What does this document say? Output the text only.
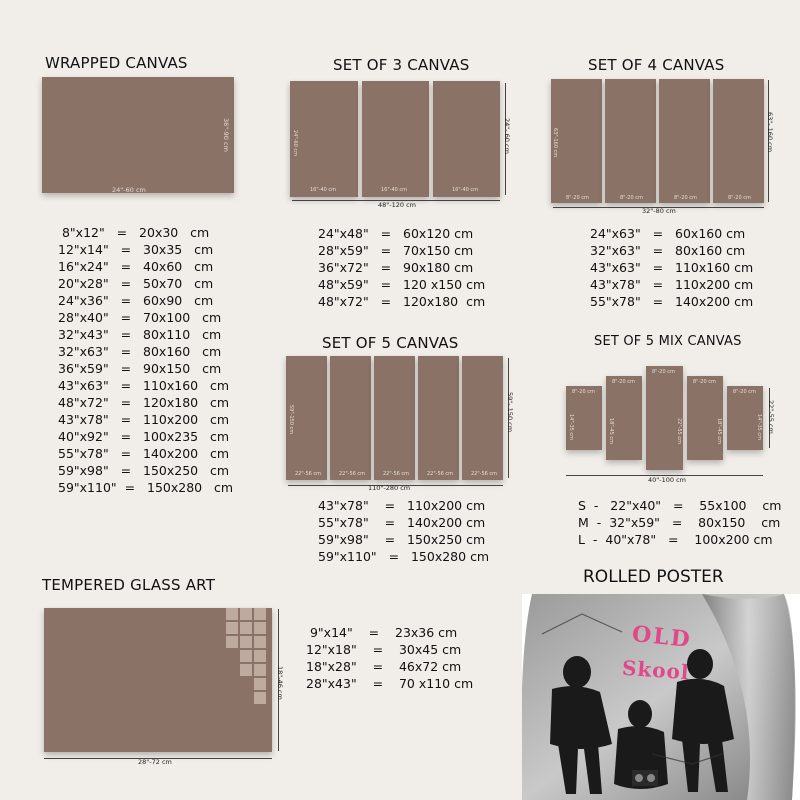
WRAPPED CANVAS
24"-60 cm
36"-90 cm
8"x12"   =   20x30   cm
12"x14"   =   30x35   cm
16"x24"   =   40x60   cm
20"x28"   =   50x70   cm
24"x36"   =   60x90   cm
28"x40"   =   70x100   cm
32"x43"   =   80x110   cm
32"x63"   =   80x160   cm
36"x59"   =   90x150   cm
43"x63"   =   110x160   cm
48"x72"   =   120x180   cm
43"x78"   =   110x200   cm
40"x92"   =   100x235   cm
55"x78"   =   140x200   cm
59"x98"   =   150x250   cm
59"x110"  =   150x280   cm
SET OF 3 CANVAS
24"-60 cm
16"-40 cm	16"-40 cm	16"-40 cm
48"-120 cm
24"- 60 cm
24"x48"   =   60x120 cm
28"x59"   =   70x150 cm
36"x72"   =   90x180 cm
48"x59"   =   120 x150 cm
48"x72"   =   120x180  cm
SET OF 4 CANVAS
63"-160 cm
8"-20 cm	8"-20 cm	8"-20 cm	8"-20 cm
32"-80 cm
63"- 160 cm
24"x63"   =   60x160 cm
32"x63"   =   80x160 cm
43"x63"   =   110x160 cm
43"x78"   =   110x200 cm
55"x78"   =   140x200 cm
SET OF 5 CANVAS
59"-150 cm
22"-56 cm	22"-56 cm	22"-56 cm	22"-56 cm	22"-56 cm
110"-280 cm
59"- 150 cm
43"x78"    =   110x200 cm
55"x78"    =   140x200 cm
59"x98"    =   150x250 cm
59"x110"   =   150x280 cm
SET OF 5 MIX CANVAS
8"-20 cm
8"-20 cm
8"-20 cm
8"-20 cm
8"-20 cm
14"-35 cm	18"-45 cm	22"-55 cm	18"-45 cm	14"-35 cm
40"-100 cm
22"-55 cm
S  -   22"x40"   =    55x100    cm
M  -  32"x59"   =    80x150    cm
L  -  40"x78"   =    100x200 cm
TEMPERED GLASS ART
28"-72 cm
18"-46 cm
9"x14"    =    23x36 cm
12"x18"    =    30x45 cm
18"x28"    =    46x72 cm
28"x43"    =    70 x110 cm
ROLLED POSTER
OLD
Skool
